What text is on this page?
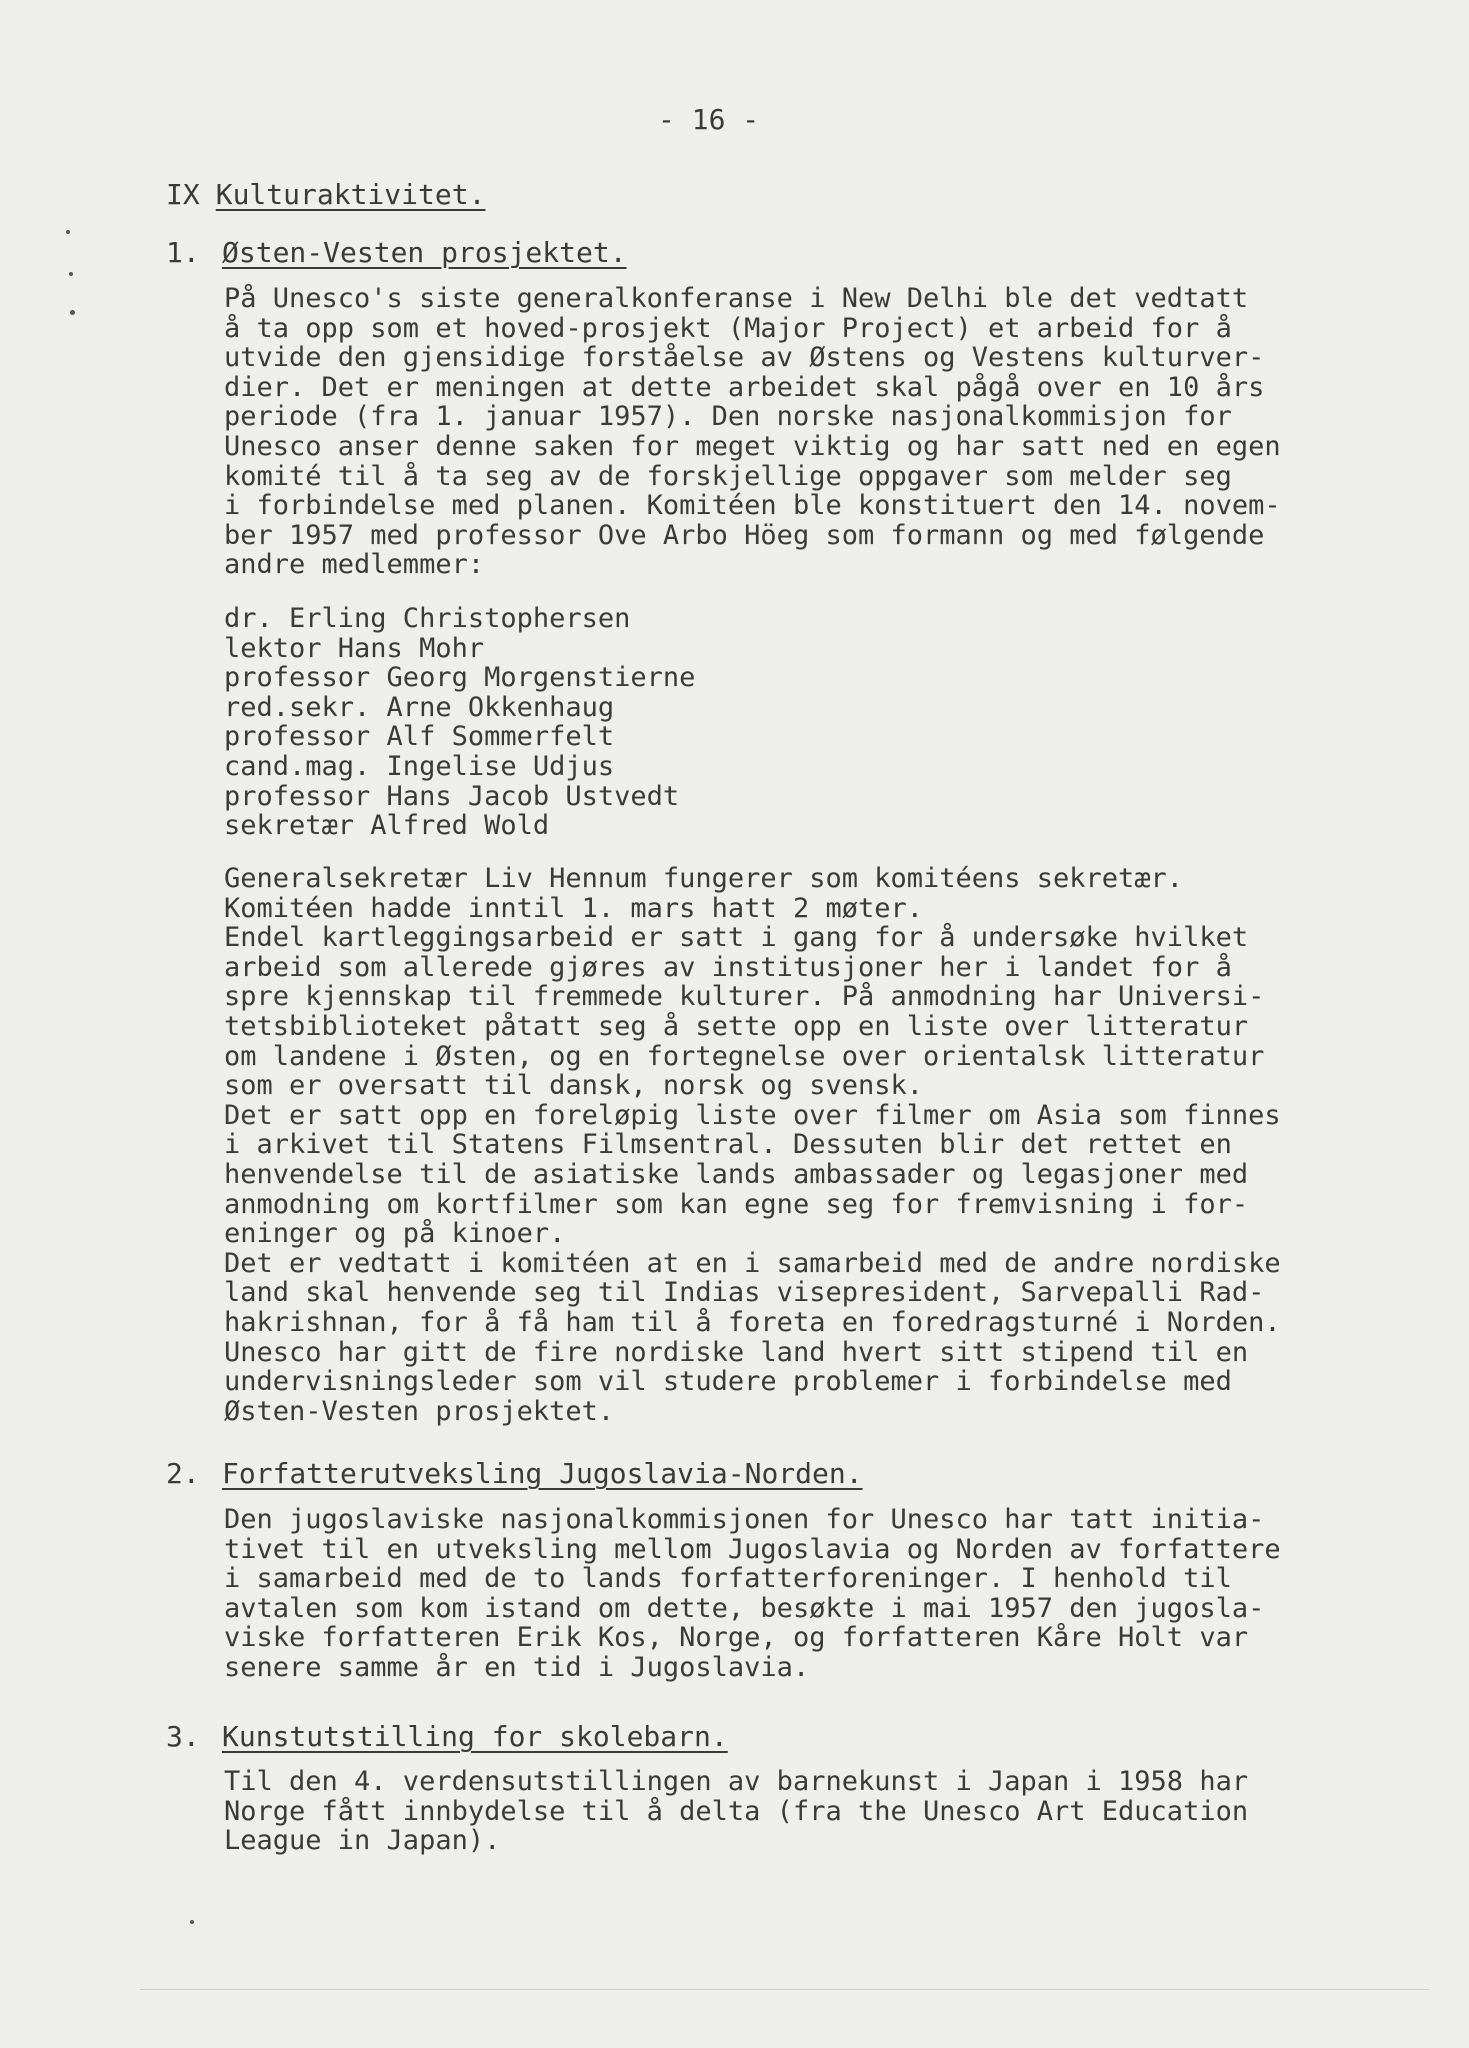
- 16 -
IX Kulturaktivitet.
1. Østen-Vesten prosjektet.

På Unesco's siste generalkonferanse i New Delhi ble det vedtatt
å ta opp som et hoved-prosjekt (Major Project) et arbeid for å
utvide den gjensidige forståelse av Østens og Vestens kulturver-
dier. Det er meningen at dette arbeidet skal pågå over en 10 års
periode (fra 1. januar 1957). Den norske nasjonalkommisjon for
Unesco anser denne saken for meget viktig og har satt ned en egen
komité til å ta seg av de forskjellige oppgaver som melder seg
i forbindelse med planen. Komitéen ble konstituert den 14. novem-
ber 1957 med professor Ove Arbo Höeg som formann og med følgende
andre medlemmer:

dr. Erling Christophersen
lektor Hans Mohr
professor Georg Morgenstierne
red.sekr. Arne Okkenhaug
professor Alf Sommerfelt
cand.mag. Ingelise Udjus
professor Hans Jacob Ustvedt
sekretær Alfred Wold

Generalsekretær Liv Hennum fungerer som komitéens sekretær.
Komitéen hadde inntil 1. mars hatt 2 møter.
Endel kartleggingsarbeid er satt i gang for å undersøke hvilket
arbeid som allerede gjøres av institusjoner her i landet for å
spre kjennskap til fremmede kulturer. På anmodning har Universi-
tetsbiblioteket påtatt seg å sette opp en liste over litteratur
om landene i Østen, og en fortegnelse over orientalsk litteratur
som er oversatt til dansk, norsk og svensk.
Det er satt opp en foreløpig liste over filmer om Asia som finnes
i arkivet til Statens Filmsentral. Dessuten blir det rettet en
henvendelse til de asiatiske lands ambassader og legasjoner med
anmodning om kortfilmer som kan egne seg for fremvisning i for-
eninger og på kinoer.
Det er vedtatt i komitéen at en i samarbeid med de andre nordiske
land skal henvende seg til Indias visepresident, Sarvepalli Rad-
hakrishnan, for å få ham til å foreta en foredragsturné i Norden.
Unesco har gitt de fire nordiske land hvert sitt stipend til en
undervisningsleder som vil studere problemer i forbindelse med
Østen-Vesten prosjektet.

2. Forfatterutveksling Jugoslavia-Norden.

Den jugoslaviske nasjonalkommisjonen for Unesco har tatt initia-
tivet til en utveksling mellom Jugoslavia og Norden av forfattere
i samarbeid med de to lands forfatterforeninger. I henhold til
avtalen som kom istand om dette, besøkte i mai 1957 den jugosla-
viske forfatteren Erik Kos, Norge, og forfatteren Kåre Holt var
senere samme år en tid i Jugoslavia.

3. Kunstutstilling for skolebarn.

Til den 4. verdensutstillingen av barnekunst i Japan i 1958 har
Norge fått innbydelse til å delta (fra the Unesco Art Education
League in Japan).
